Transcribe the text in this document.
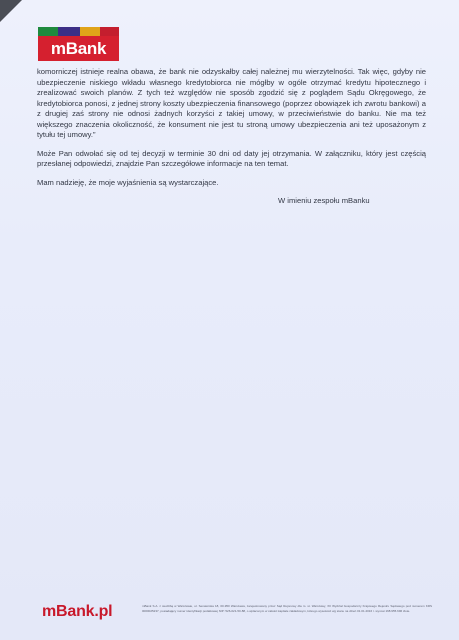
mBank

komorniczej istnieje realna obawa, że bank nie odzyskałby całej należnej mu wierzytelności. Tak więc, gdyby nie ubezpieczenie niskiego wkładu własnego kredytobiorca nie mógłby w ogóle otrzymać kredytu hipotecznego i zrealizować swoich planów. Z tych też względów nie sposób zgodzić się z poglądem Sądu Okręgowego, że kredytobiorca ponosi, z jednej strony koszty ubezpieczenia finansowego (poprzez obowiązek ich zwrotu bankowi) a z drugiej zaś strony nie odnosi żadnych korzyści z takiej umowy, w przeciwieństwie do banku. Nie ma też większego znaczenia okoliczność, że konsument nie jest tu stroną umowy ubezpieczenia ani też uposażonym z tytułu tej umowy.”

Może Pan odwołać się od tej decyzji w terminie 30 dni od daty jej otrzymania. W załączniku, który jest częścią przesłanej odpowiedzi, znajdzie Pan szczegółowe informacje na ten temat.

Mam nadzieję, że moje wyjaśnienia są wystarczające.

W imieniu zespołu mBanku

mBank.pl	mBank S.A. z siedzibą w Warszawie, ul. Senatorska 18, 00-950 Warszawa, zarejestrowany przez Sąd Rejonowy dla m. st. Warszawy, XII Wydział Gospodarczy Krajowego Rejestru Sądowego pod numerem KRS 0000025237, posiadający numer identyfikacji podatkowej NIP: 526-021-50-88, o wpłaconym w całości kapitale zakładowym, którego wysokość wg stanu na dzień 01.01.2016 r. wynosi 168.955.696 złote.
